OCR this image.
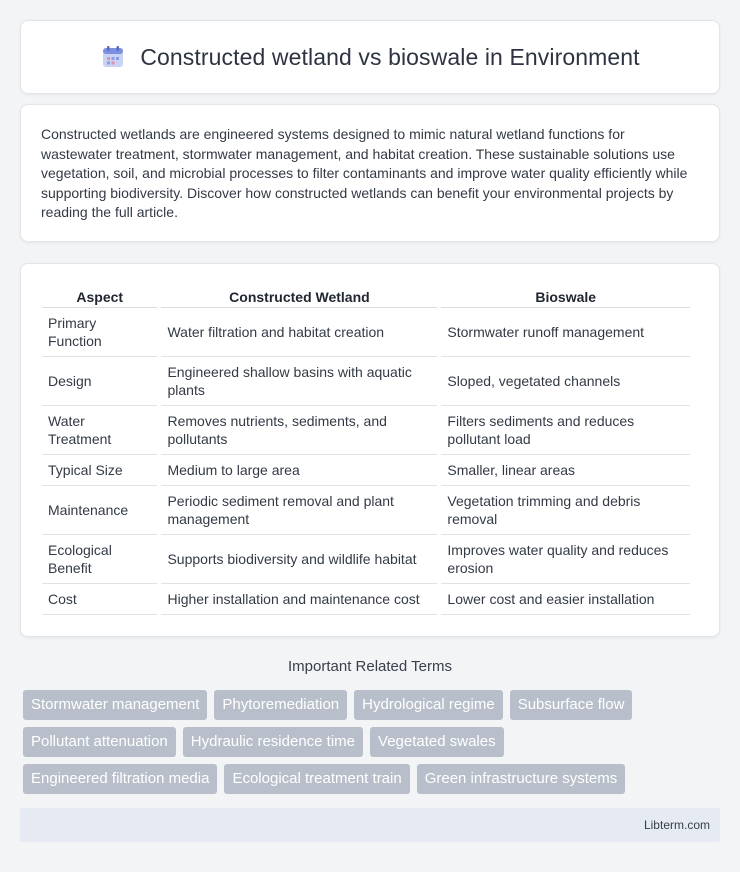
Constructed wetland vs bioswale in Environment

Constructed wetlands are engineered systems designed to mimic natural wetland functions for wastewater treatment, stormwater management, and habitat creation. These sustainable solutions use vegetation, soil, and microbial processes to filter contaminants and improve water quality efficiently while supporting biodiversity. Discover how constructed wetlands can benefit your environmental projects by reading the full article.

Aspect	Constructed Wetland	Bioswale
Primary Function	Water filtration and habitat creation	Stormwater runoff management
Design	Engineered shallow basins with aquatic plants	Sloped, vegetated channels
Water Treatment	Removes nutrients, sediments, and pollutants	Filters sediments and reduces pollutant load
Typical Size	Medium to large area	Smaller, linear areas
Maintenance	Periodic sediment removal and plant management	Vegetation trimming and debris removal
Ecological Benefit	Supports biodiversity and wildlife habitat	Improves water quality and reduces erosion
Cost	Higher installation and maintenance cost	Lower cost and easier installation
Important Related Terms
Stormwater management	Phytoremediation	Hydrological regime	Subsurface flow
Pollutant attenuation	Hydraulic residence time	Vegetated swales
Engineered filtration media	Ecological treatment train	Green infrastructure systems
Libterm.com
